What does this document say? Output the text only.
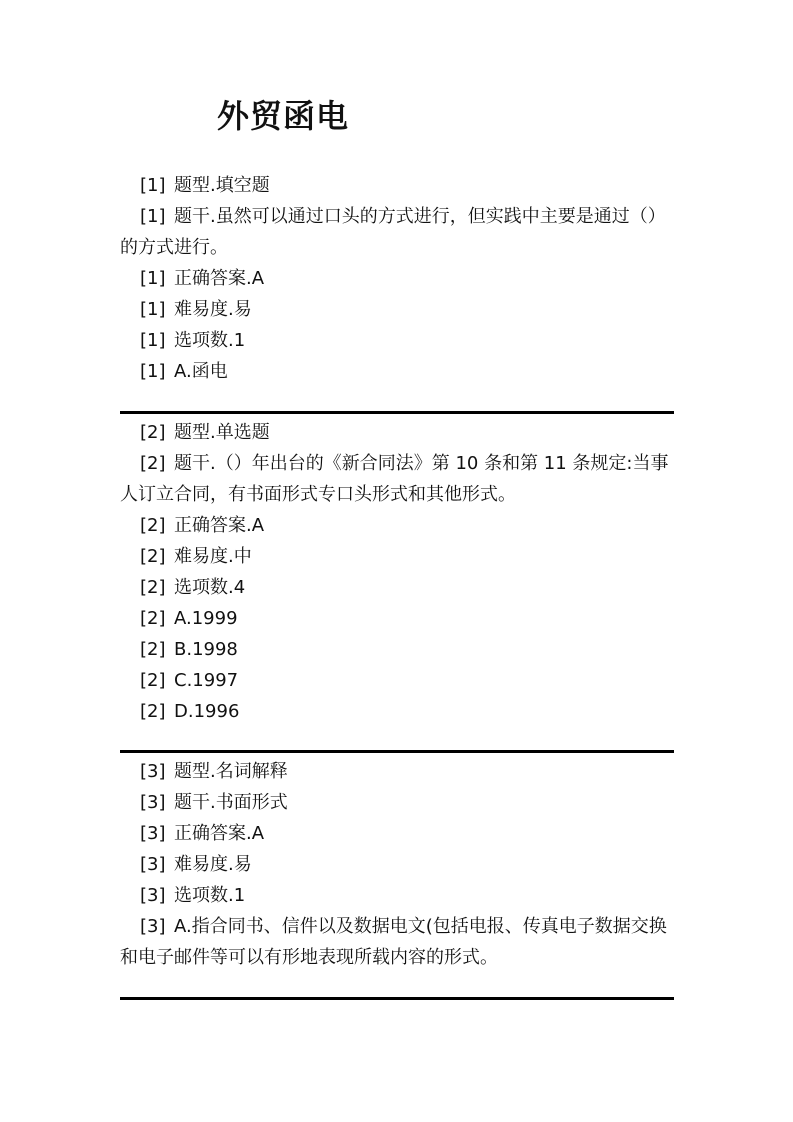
外贸函电
[1] 题型.填空题
[1] 题干.虽然可以通过口头的方式进行，但实践中主要是通过（）的方式进行。
[1] 正确答案.A
[1] 难易度.易
[1] 选项数.1
[1] A.函电
[2] 题型.单选题
[2] 题干.（）年出台的《新合同法》第 10 条和第 11 条规定:当事人订立合同，有书面形式专口头形式和其他形式。
[2] 正确答案.A
[2] 难易度.中
[2] 选项数.4
[2] A.1999
[2] B.1998
[2] C.1997
[2] D.1996
[3] 题型.名词解释
[3] 题干.书面形式
[3] 正确答案.A
[3] 难易度.易
[3] 选项数.1
[3] A.指合同书、信件以及数据电文(包括电报、传真电子数据交换和电子邮件等可以有形地表现所载内容的形式。
